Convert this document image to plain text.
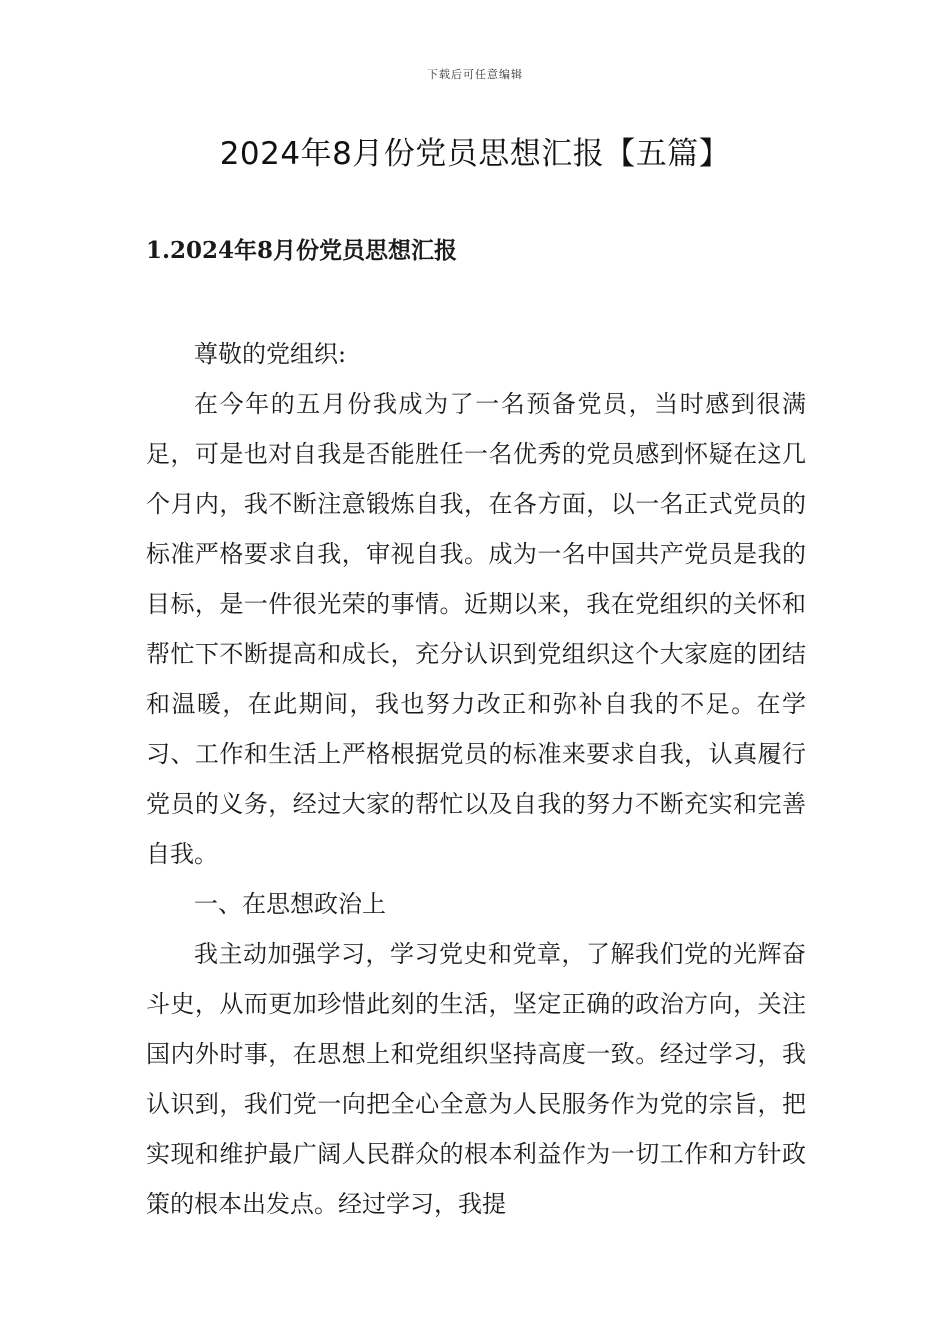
下载后可任意编辑
2024年8月份党员思想汇报【五篇】
1.2024年8月份党员思想汇报

尊敬的党组织:

在今年的五月份我成为了一名预备党员，当时感到很满足，可是也对自我是否能胜任一名优秀的党员感到怀疑在这几个月内，我不断注意锻炼自我，在各方面，以一名正式党员的标准严格要求自我，审视自我。成为一名中国共产党员是我的目标，是一件很光荣的事情。近期以来，我在党组织的关怀和帮忙下不断提高和成长，充分认识到党组织这个大家庭的团结和温暖，在此期间，我也努力改正和弥补自我的不足。在学习、工作和生活上严格根据党员的标准来要求自我，认真履行党员的义务，经过大家的帮忙以及自我的努力不断充实和完善自我。

一、在思想政治上

我主动加强学习，学习党史和党章，了解我们党的光辉奋斗史，从而更加珍惜此刻的生活，坚定正确的政治方向，关注国内外时事，在思想上和党组织坚持高度一致。经过学习，我认识到，我们党一向把全心全意为人民服务作为党的宗旨，把实现和维护最广阔人民群众的根本利益作为一切工作和方针政策的根本出发点。经过学习，我提
